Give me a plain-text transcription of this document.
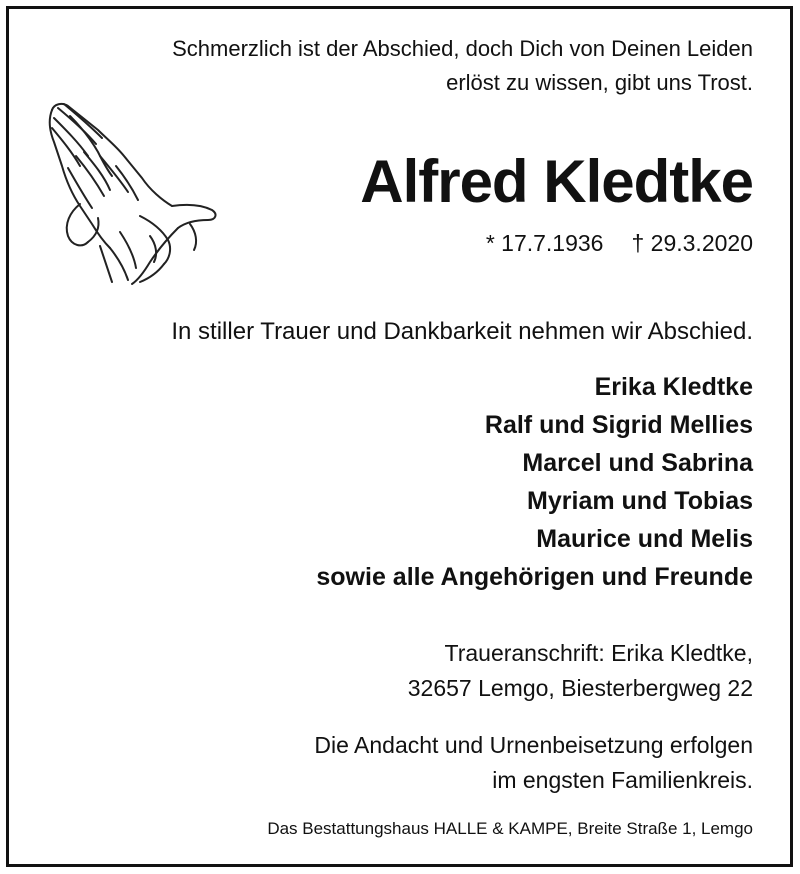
Schmerzlich ist der Abschied, doch Dich von Deinen Leiden
erlöst zu wissen, gibt uns Trost.
Alfred Kledtke
* 17.7.1936 † 29.3.2020
In stiller Trauer und Dankbarkeit nehmen wir Abschied.
Erika Kledtke
Ralf und Sigrid Mellies
Marcel und Sabrina
Myriam und Tobias
Maurice und Melis
sowie alle Angehörigen und Freunde
Traueranschrift: Erika Kledtke,
32657 Lemgo, Biesterbergweg 22
Die Andacht und Urnenbeisetzung erfolgen
im engsten Familienkreis.
Das Bestattungshaus HALLE & KAMPE, Breite Straße 1, Lemgo
